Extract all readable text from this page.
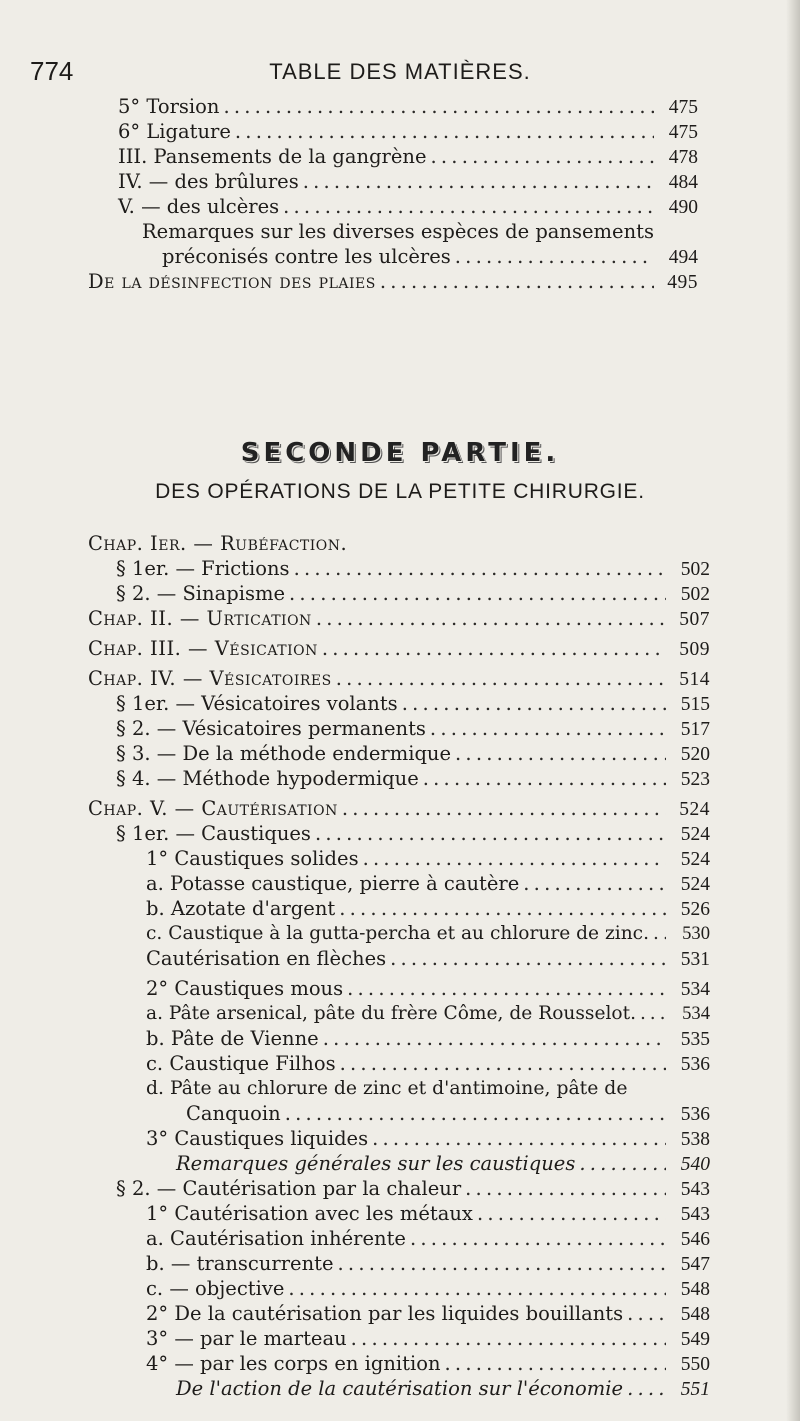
774	TABLE DES MATIÈRES.
5° Torsion . . .	475
6° Ligature . . .	475
III. Pansements de la gangrène . . .	478
IV. — des brûlures . . .	484
V. — des ulcères . . .	490
Remarques sur les diverses espèces de pansements
préconisés contre les ulcères . . .	494
De la désinfection des plaies . . .	495
SECONDE PARTIE.
DES OPÉRATIONS DE LA PETITE CHIRURGIE.
Chap. Ier. — Rubéfaction.
§ 1er. — Frictions . . .	502
§ 2. — Sinapisme . . .	502
Chap. II. — Urtication . . .	507
Chap. III. — Vésication . . .	509
Chap. IV. — Vésicatoires . . .	514
§ 1er. — Vésicatoires volants . . .	515
§ 2. — Vésicatoires permanents . . .	517
§ 3. — De la méthode endermique . . .	520
§ 4. — Méthode hypodermique . . .	523
Chap. V. — Cautérisation . . .	524
§ 1er. — Caustiques . . .	524
1° Caustiques solides . . .	524
a. Potasse caustique, pierre à cautère . . .	524
b. Azotate d'argent . . .	526
c. Caustique à la gutta-percha et au chlorure de zinc. . . .	530
Cautérisation en flèches . . .	531
2° Caustiques mous . . .	534
a. Pâte arsenical, pâte du frère Côme, de Rousselot. . . .	534
b. Pâte de Vienne . . .	535
c. Caustique Filhos . . .	536
d. Pâte au chlorure de zinc et d'antimoine, pâte de
Canquoin . . .	536
3° Caustiques liquides . . .	538
Remarques générales sur les caustiques . . .	540
§ 2. — Cautérisation par la chaleur . . .	543
1° Cautérisation avec les métaux . . .	543
a. Cautérisation inhérente . . .	546
b. — transcurrente . . .	547
c. — objective . . .	548
2° De la cautérisation par les liquides bouillants . . .	548
3° — par le marteau . . .	549
4° — par les corps en ignition . . .	550
De l'action de la cautérisation sur l'économie . . .	551
